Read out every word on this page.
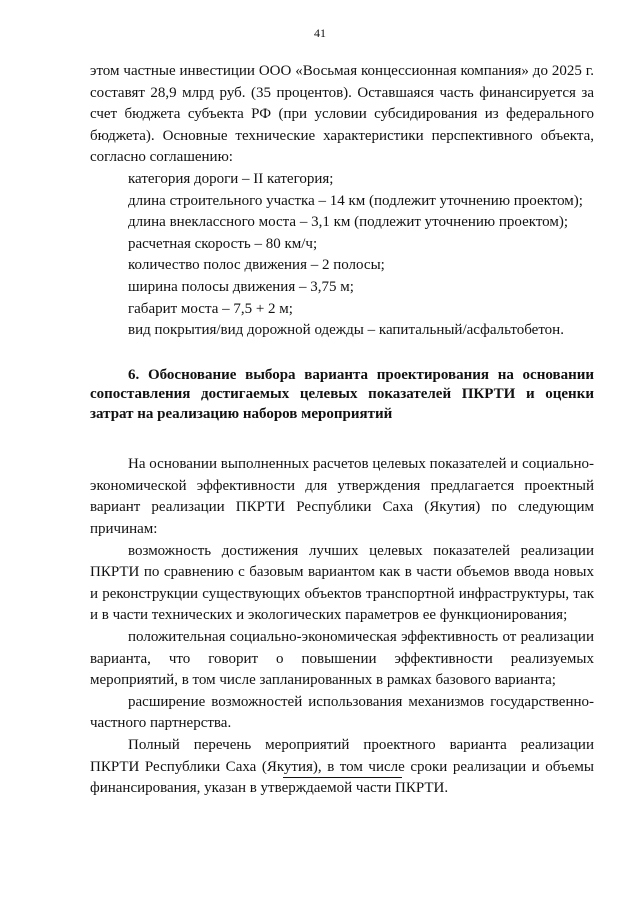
41

этом частные инвестиции ООО «Восьмая концессионная компания» до 2025 г. составят 28,9 млрд руб. (35 процентов). Оставшаяся часть финансируется за счет бюджета субъекта РФ (при условии субсидирования из федерального бюджета). Основные технические характеристики перспективного объекта, согласно соглашению:

категория дороги – II категория;

длина строительного участка – 14 км (подлежит уточнению проектом);

длина внеклассного моста – 3,1 км (подлежит уточнению проектом);

расчетная скорость – 80 км/ч;

количество полос движения – 2 полосы;

ширина полосы движения – 3,75 м;

габарит моста – 7,5 + 2 м;

вид покрытия/вид дорожной одежды – капитальный/асфальтобетон.

6. Обоснование выбора варианта проектирования на основании сопоставления достигаемых целевых показателей ПКРТИ и оценки затрат на реализацию наборов мероприятий

На основании выполненных расчетов целевых показателей и социально-экономической эффективности для утверждения предлагается проектный вариант реализации ПКРТИ Республики Саха (Якутия) по следующим причинам:

возможность достижения лучших целевых показателей реализации ПКРТИ по сравнению с базовым вариантом как в части объемов ввода новых и реконструкции существующих объектов транспортной инфраструктуры, так и в части технических и экологических параметров ее функционирования;

положительная социально-экономическая эффективность от реализации варианта, что говорит о повышении эффективности реализуемых мероприятий, в том числе запланированных в рамках базового варианта;

расширение возможностей использования механизмов государственно-частного партнерства.

Полный перечень мероприятий проектного варианта реализации ПКРТИ Республики Саха (Якутия), в том числе сроки реализации и объемы финансирования, указан в утверждаемой части ПКРТИ.
